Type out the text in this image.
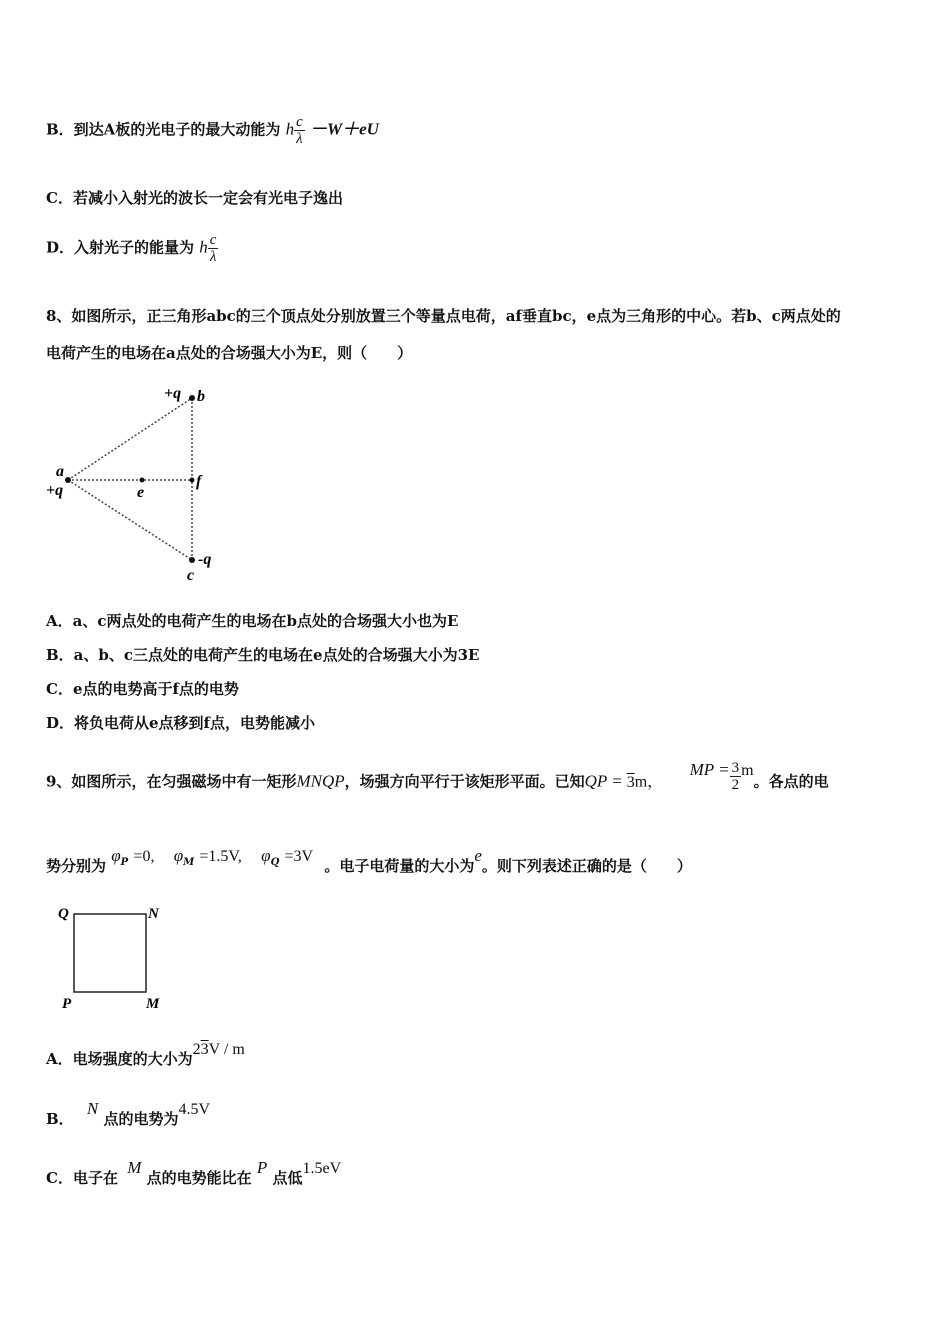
B．到达A板的光电子的最大动能为 h $\frac{c}{\lambda} -W+eU$
C．若减小入射光的波长一定会有光电子逸出
D．入射光子的能量为 h $\frac{c}{\lambda}$
8、如图所示，正三角形abc的三个顶点处分别放置三个等量点电荷，af垂直bc，e点为三角形的中心。若b、c两点处的
电荷产生的电场在a点处的合场强大小为E，则（　　）
a
+q
+q b
e
f
-q
c
A．a、c两点处的电荷产生的电场在b点处的合场强大小也为E
B．a、b、c三点处的电荷产生的电场在e点处的合场强大小为3E
C．e点的电势高于f点的电势
D．将负电荷从e点移到f点，电势能减小
9、如图所示，在匀强磁场中有一矩形MNQP，场强方向平行于该矩形平面。已知QP = 3m，  MP = $\frac{3}{2}$ m。各点的电
势分别为 $\varphi_P =0$, $\varphi_M =1.5V$, $\varphi_Q =3V$ 。电子电荷量的大小为e。则下列表述正确的是（　　）
Q	N
P	M
A．电场强度的大小为23V / m
B． N 点的电势为4.5V
C．电子在 M 点的电势能比在 P 点低1.5eV
